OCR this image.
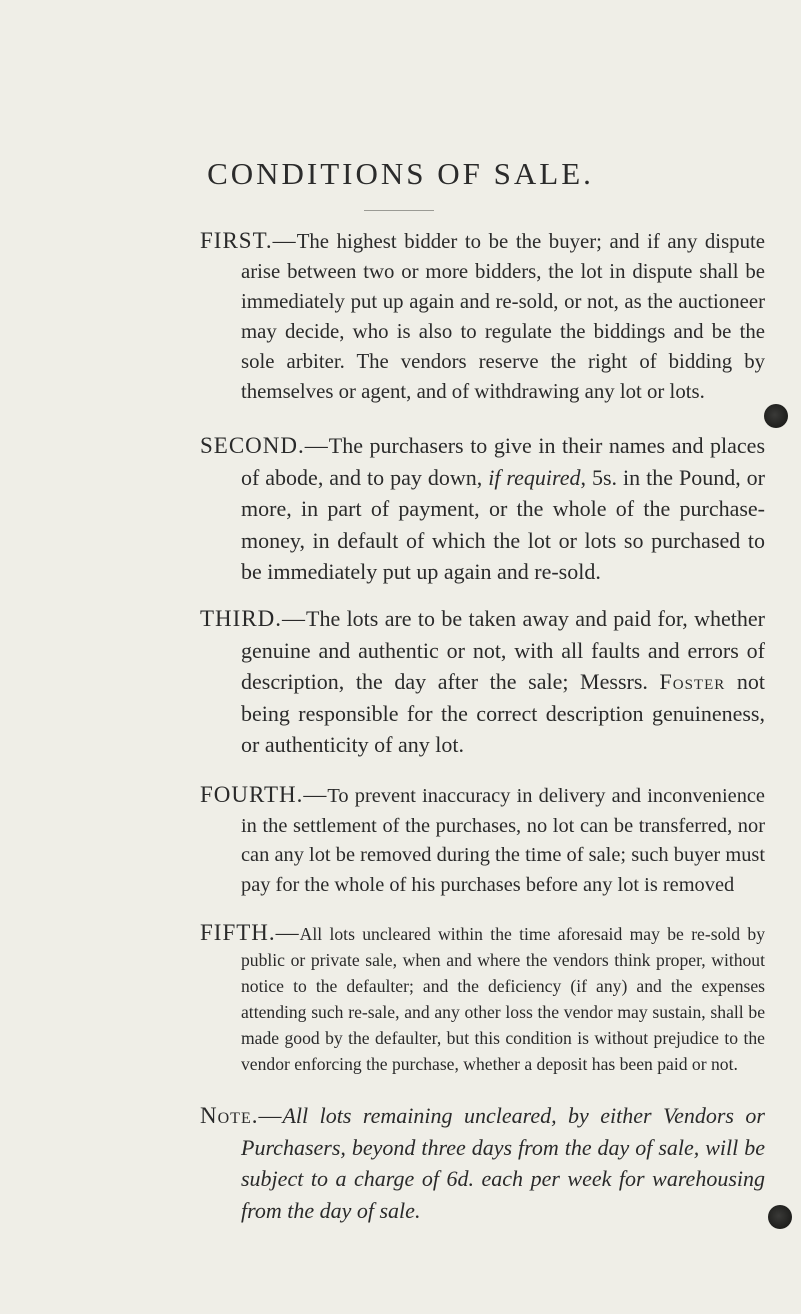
CONDITIONS OF SALE.

FIRST.—The highest bidder to be the buyer; and if any dispute arise between two or more bidders, the lot in dispute shall be immediately put up again and re-sold, or not, as the auctioneer may decide, who is also to regulate the biddings and be the sole arbiter. The vendors reserve the right of bidding by themselves or agent, and of withdrawing any lot or lots.

SECOND.—The purchasers to give in their names and places of abode, and to pay down, if required, 5s. in the Pound, or more, in part of payment, or the whole of the purchase-money, in default of which the lot or lots so purchased to be immediately put up again and re-sold.

THIRD.—The lots are to be taken away and paid for, whether genuine and authentic or not, with all faults and errors of description, the day after the sale; Messrs. Foster not being responsible for the correct description genuineness, or authenticity of any lot.

FOURTH.—To prevent inaccuracy in delivery and inconvenience in the settlement of the purchases, no lot can be transferred, nor can any lot be removed during the time of sale; such buyer must pay for the whole of his purchases before any lot is removed

FIFTH.—All lots uncleared within the time aforesaid may be re-sold by public or private sale, when and where the vendors think proper, without notice to the defaulter; and the deficiency (if any) and the expenses attending such re-sale, and any other loss the vendor may sustain, shall be made good by the defaulter, but this condition is without prejudice to the vendor enforcing the purchase, whether a deposit has been paid or not.

Note.—All lots remaining uncleared, by either Vendors or Purchasers, beyond three days from the day of sale, will be subject to a charge of 6d. each per week for warehousing from the day of sale.
